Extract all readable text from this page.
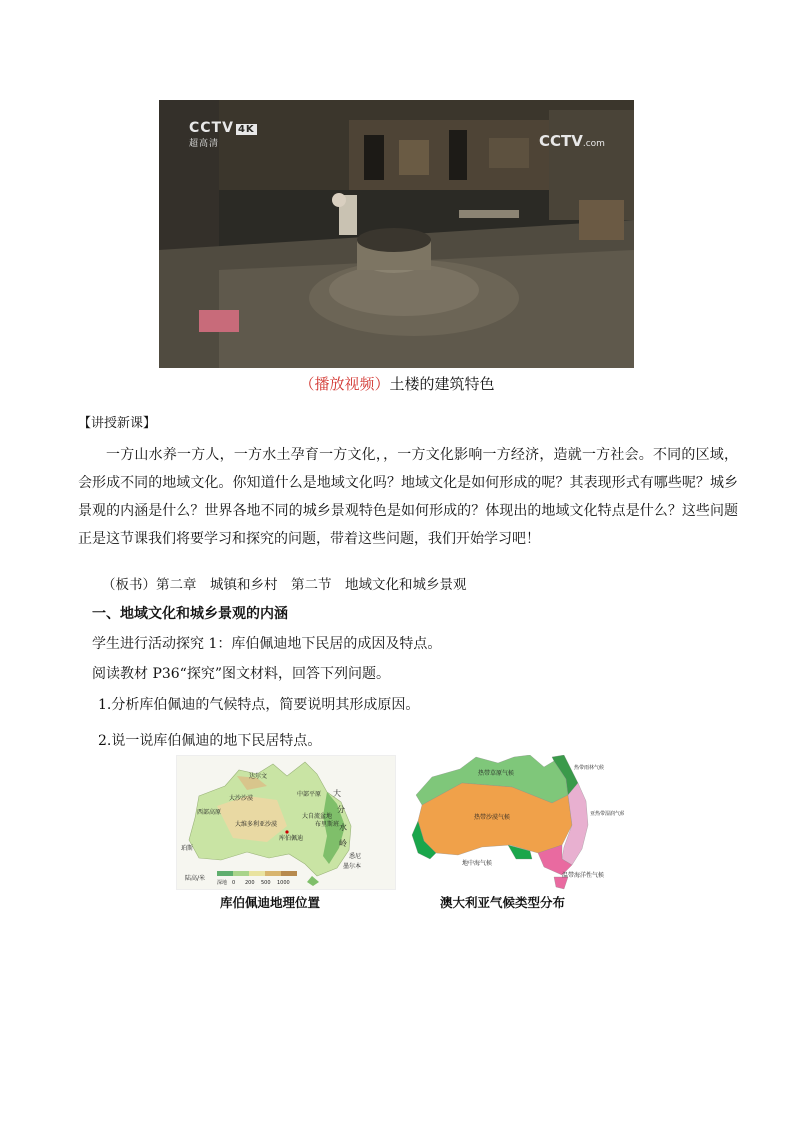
CCTV 4K
超高清	CCTV.com
（播放视频）土楼的建筑特色
【讲授新课】
一方山水养一方人，一方水土孕育一方文化，，一方文化影响一方经济，造就一方社会。不同的区域，会形成不同的地域文化。你知道什么是地域文化吗？地域文化是如何形成的呢？其表现形式有哪些呢？城乡景观的内涵是什么？世界各地不同的城乡景观特色是如何形成的？体现出的地域文化特点是什么？这些问题正是这节课我们将要学习和探究的问题，带着这些问题，我们开始学习吧！
（板书）第二章　城镇和乡村　第二节　地域文化和城乡景观
一、地域文化和城乡景观的内涵
学生进行活动探究 1：库伯佩迪地下民居的成因及特点。
阅读教材 P36“探究”图文材料，回答下列问题。
1.分析库伯佩迪的气候特点，简要说明其形成原因。
2.说一说库伯佩迪的地下民居特点。
达尔文
西部高原
大沙沙漠
中部平原
大维多利亚沙漠
库伯佩迪
大自流盆地
大
分
水
岭
布里斯班
悉尼
墨尔本
珀斯
陆高/米
深地 0 200 500 1000
库伯佩迪地理位置
热带草原气候
热带沙漠气候
地中海气候
温带海洋性气候
热带雨林气候
亚热带湿润气候
澳大利亚气候类型分布
